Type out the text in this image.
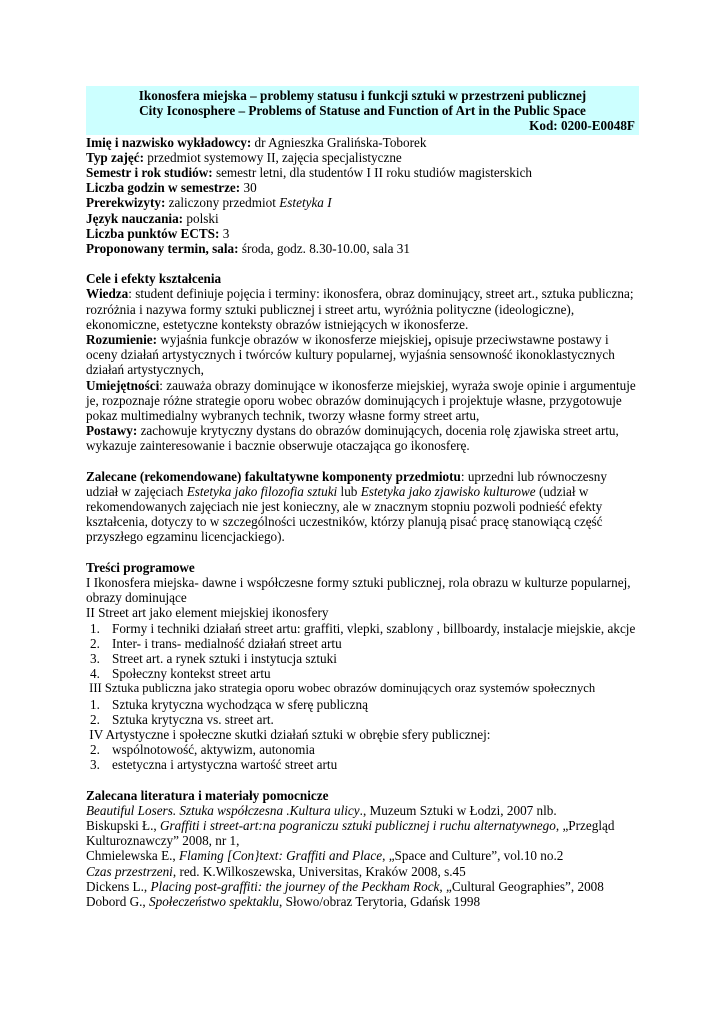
Ikonosfera miejska – problemy statusu i funkcji sztuki w przestrzeni publicznej

City Iconosphere – Problems of Statuse and Function of Art in the Public Space

Kod: 0200-E0048F

Imię i nazwisko wykładowcy: dr Agnieszka Gralińska-Toborek

Typ zajęć: przedmiot systemowy II, zajęcia specjalistyczne

Semestr i rok studiów: semestr letni, dla studentów I II roku studiów magisterskich

Liczba godzin w semestrze: 30

Prerekwizyty: zaliczony przedmiot Estetyka I

Język nauczania: polski

Liczba punktów ECTS: 3

Proponowany termin, sala: środa, godz. 8.30-10.00, sala 31

Cele i efekty kształcenia

Wiedza: student definiuje pojęcia i terminy: ikonosfera, obraz dominujący, street art., sztuka publiczna; rozróżnia i nazywa formy sztuki publicznej i street artu, wyróżnia polityczne (ideologiczne), ekonomiczne, estetyczne konteksty obrazów istniejących w ikonosferze.

Rozumienie: wyjaśnia funkcje obrazów w ikonosferze miejskiej, opisuje przeciwstawne postawy i oceny działań artystycznych i twórców kultury popularnej, wyjaśnia sensowność ikonoklastycznych działań artystycznych,

Umiejętności: zauważa obrazy dominujące w ikonosferze miejskiej, wyraża swoje opinie i argumentuje je, rozpoznaje różne strategie oporu wobec obrazów dominujących i projektuje własne, przygotowuje pokaz multimedialny wybranych technik, tworzy własne formy street artu,

Postawy: zachowuje krytyczny dystans do obrazów dominujących, docenia rolę zjawiska street artu, wykazuje zainteresowanie i bacznie obserwuje otaczająca go ikonosferę.

Zalecane (rekomendowane) fakultatywne komponenty przedmiotu: uprzedni lub równoczesny udział w zajęciach Estetyka jako filozofia sztuki lub Estetyka jako zjawisko kulturowe (udział w rekomendowanych zajęciach nie jest konieczny, ale w znacznym stopniu pozwoli podnieść efekty kształcenia, dotyczy to w szczególności uczestników, którzy planują pisać pracę stanowiącą część przyszłego egzaminu licencjackiego).

Treści programowe

I Ikonosfera miejska- dawne i współczesne formy sztuki publicznej, rola obrazu w kulturze popularnej, obrazy dominujące

II Street art jako element miejskiej ikonosfery

1. Formy i techniki działań street artu: graffiti, vlepki, szablony , billboardy, instalacje miejskie, akcje
2. Inter- i trans- medialność działań street artu
3. Street art. a rynek sztuki i instytucja sztuki
4. Społeczny kontekst street artu

III Sztuka publiczna jako strategia oporu wobec obrazów dominujących oraz systemów społecznych

1. Sztuka krytyczna wychodząca w sferę publiczną
2. Sztuka krytyczna vs. street art.

IV Artystyczne i społeczne skutki działań sztuki w obrębie sfery publicznej:

2. wspólnotowość, aktywizm, autonomia
3. estetyczna i artystyczna wartość street artu

Zalecana literatura i materiały pomocnicze

Beautiful Losers. Sztuka współczesna .Kultura ulicy., Muzeum Sztuki w Łodzi, 2007 nlb.

Biskupski Ł., Graffiti i street-art:na pograniczu sztuki publicznej i ruchu alternatywnego, „Przegląd Kulturoznawczy” 2008, nr 1,

Chmielewska E., Flaming [Con}text: Graffiti and Place, „Space and Culture”, vol.10 no.2

Czas przestrzeni, red. K.Wilkoszewska, Universitas, Kraków 2008, s.45

Dickens L., Placing post-graffiti: the journey of the Peckham Rock, „Cultural Geographies”, 2008

Dobord G., Społeczeństwo spektaklu, Słowo/obraz Terytoria, Gdańsk 1998
